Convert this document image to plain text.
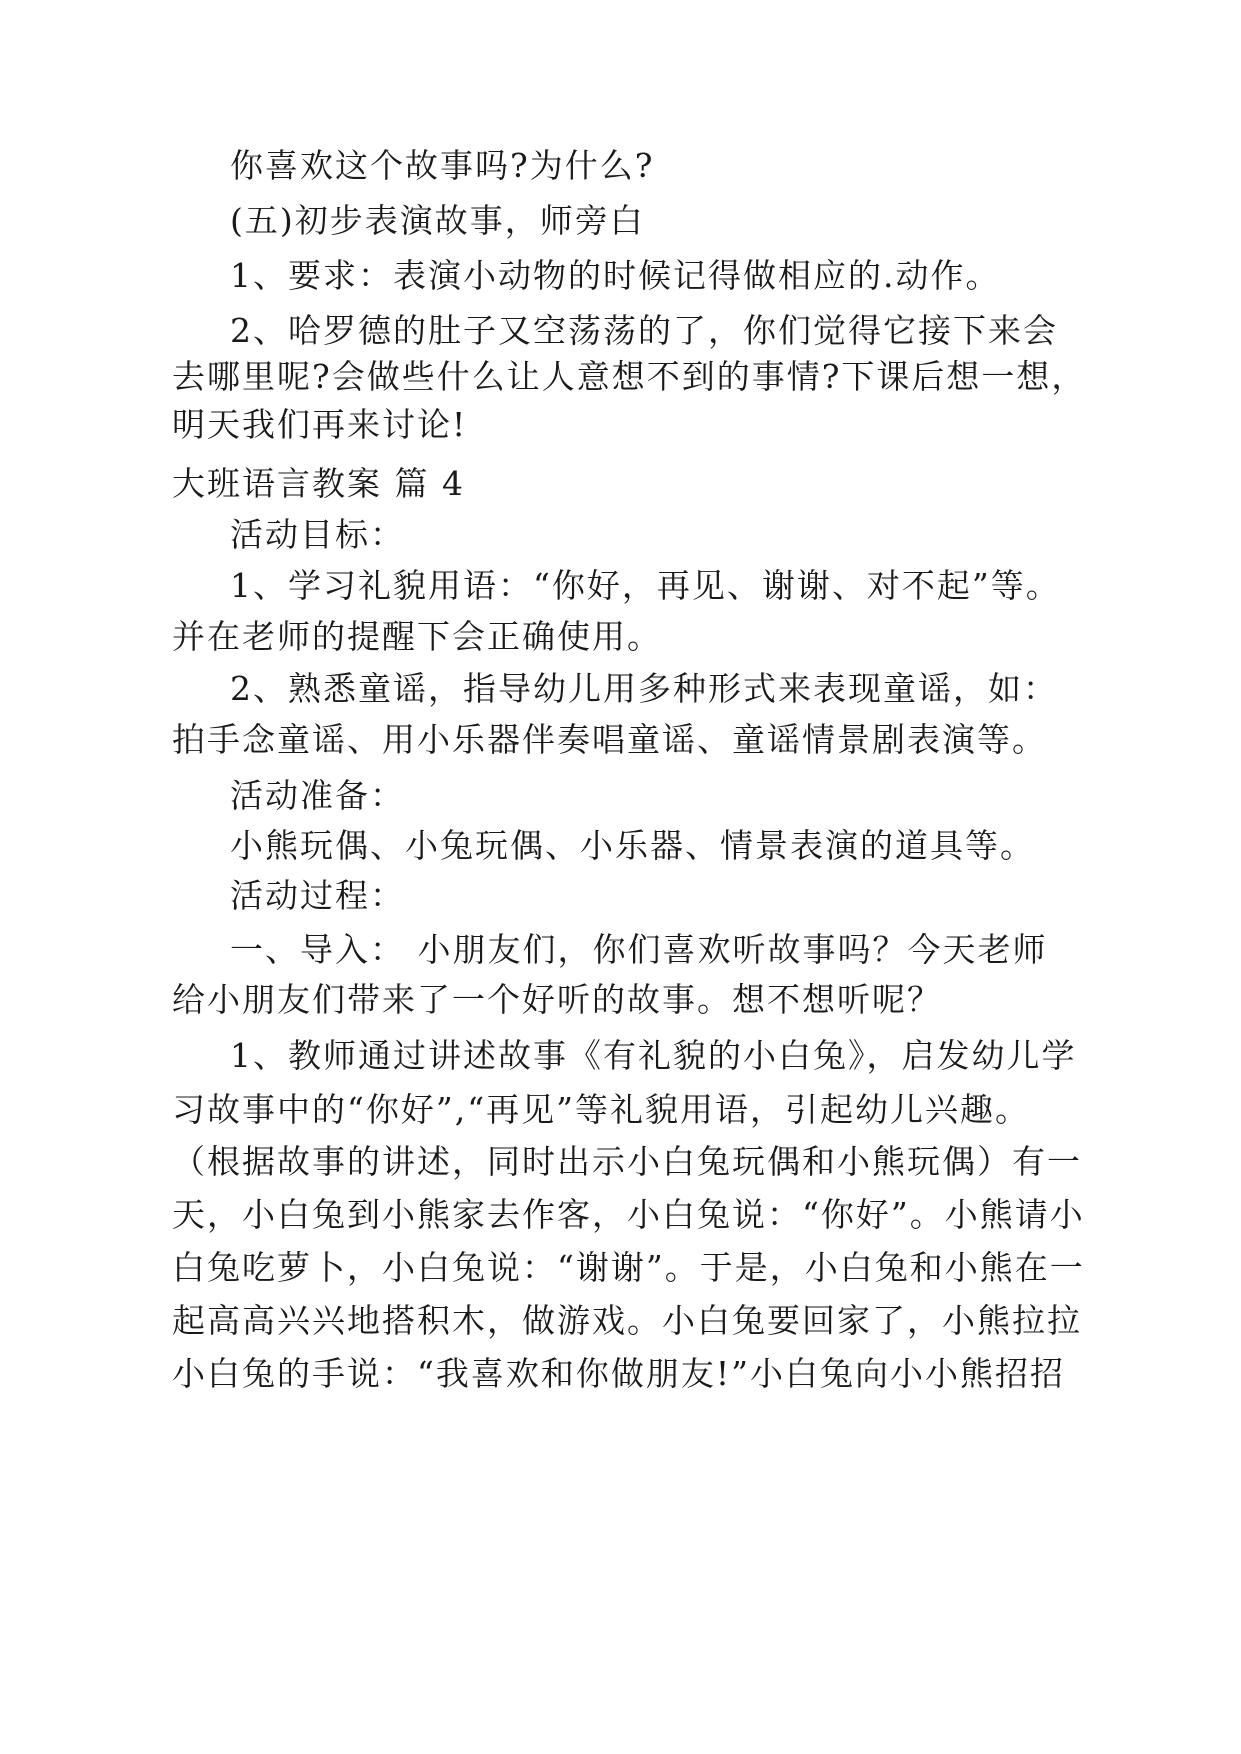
你喜欢这个故事吗?为什么?
(五)初步表演故事，师旁白
1、要求：表演小动物的时候记得做相应的.动作。
2、哈罗德的肚子又空荡荡的了，你们觉得它接下来会
去哪里呢?会做些什么让人意想不到的事情?下课后想一想，
明天我们再来讨论!
大班语言教案 篇 4
活动目标：
1、学习礼貌用语：“你好，再见、谢谢、对不起”等。
并在老师的提醒下会正确使用。
2、熟悉童谣，指导幼儿用多种形式来表现童谣，如：
拍手念童谣、用小乐器伴奏唱童谣、童谣情景剧表演等。
活动准备：
小熊玩偶、小兔玩偶、小乐器、情景表演的道具等。
活动过程：
一、导入： 小朋友们，你们喜欢听故事吗？今天老师
给小朋友们带来了一个好听的故事。想不想听呢？
1、教师通过讲述故事《有礼貌的小白兔》，启发幼儿学
习故事中的“你好”,“再见”等礼貌用语，引起幼儿兴趣。
（根据故事的讲述，同时出示小白兔玩偶和小熊玩偶）有一
天，小白兔到小熊家去作客，小白兔说：“你好”。小熊请小
白兔吃萝卜，小白兔说：“谢谢”。于是，小白兔和小熊在一
起高高兴兴地搭积木，做游戏。小白兔要回家了，小熊拉拉
小白兔的手说：“我喜欢和你做朋友!”小白兔向小小熊招招
